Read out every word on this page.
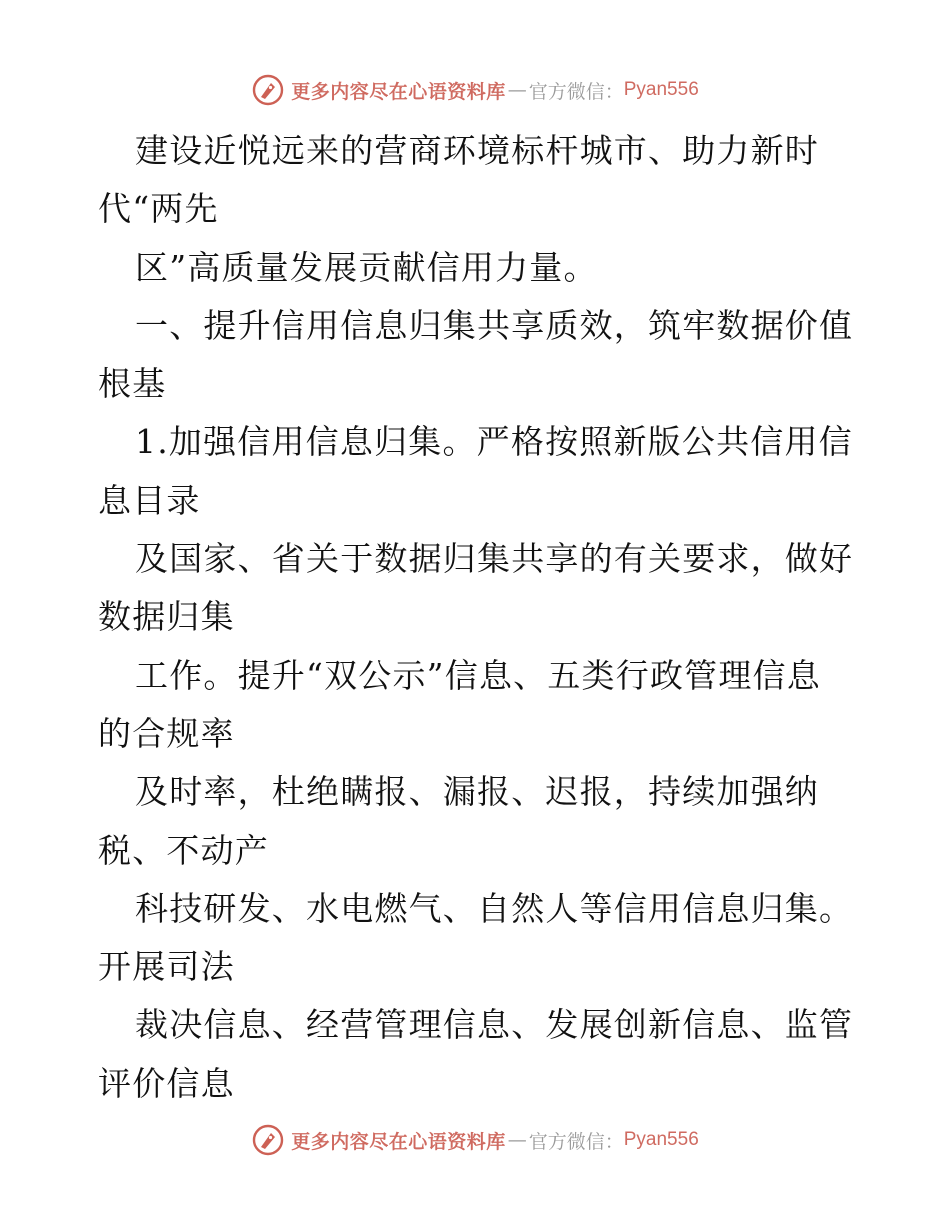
更多内容尽在心语资料库 — 官方微信： Pyan556
建设近悦远来的营商环境标杆城市、助力新时
代“两先
区”高质量发展贡献信用力量。
一、提升信用信息归集共享质效，筑牢数据价值
根基
1.加强信用信息归集。严格按照新版公共信用信
息目录
及国家、省关于数据归集共享的有关要求，做好
数据归集
工作。提升“双公示”信息、五类行政管理信息
的合规率
及时率，杜绝瞒报、漏报、迟报，持续加强纳
税、不动产
科技研发、水电燃气、自然人等信用信息归集。
开展司法
裁决信息、经营管理信息、发展创新信息、监管
评价信息
更多内容尽在心语资料库 — 官方微信： Pyan556
